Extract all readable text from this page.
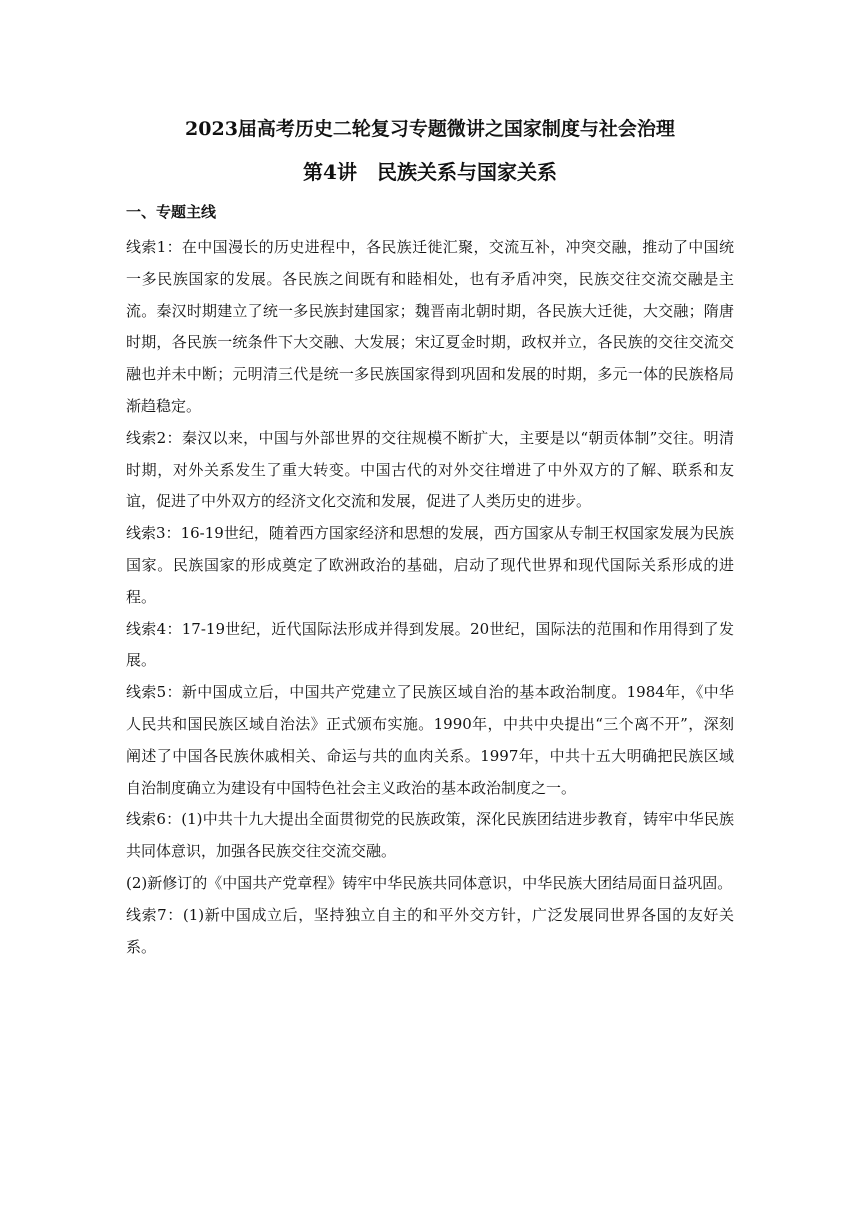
2023届高考历史二轮复习专题微讲之国家制度与社会治理
第4讲　民族关系与国家关系
一、专题主线

线索1：在中国漫长的历史进程中，各民族迁徙汇聚，交流互补，冲突交融，推动了中国统一多民族国家的发展。各民族之间既有和睦相处，也有矛盾冲突，民族交往交流交融是主流。秦汉时期建立了统一多民族封建国家；魏晋南北朝时期，各民族大迁徙，大交融；隋唐时期，各民族一统条件下大交融、大发展；宋辽夏金时期，政权并立，各民族的交往交流交融也并未中断；元明清三代是统一多民族国家得到巩固和发展的时期，多元一体的民族格局渐趋稳定。

线索2：秦汉以来，中国与外部世界的交往规模不断扩大，主要是以“朝贡体制”交往。明清时期，对外关系发生了重大转变。中国古代的对外交往增进了中外双方的了解、联系和友谊，促进了中外双方的经济文化交流和发展，促进了人类历史的进步。

线索3：16-19世纪，随着西方国家经济和思想的发展，西方国家从专制王权国家发展为民族国家。民族国家的形成奠定了欧洲政治的基础，启动了现代世界和现代国际关系形成的进程。

线索4：17-19世纪，近代国际法形成并得到发展。20世纪，国际法的范围和作用得到了发展。

线索5：新中国成立后，中国共产党建立了民族区域自治的基本政治制度。1984年，《中华人民共和国民族区域自治法》正式颁布实施。1990年，中共中央提出“三个离不开”，深刻阐述了中国各民族休戚相关、命运与共的血肉关系。1997年，中共十五大明确把民族区域自治制度确立为建设有中国特色社会主义政治的基本政治制度之一。

线索6：(1)中共十九大提出全面贯彻党的民族政策，深化民族团结进步教育，铸牢中华民族共同体意识，加强各民族交往交流交融。

(2)新修订的《中国共产党章程》铸牢中华民族共同体意识，中华民族大团结局面日益巩固。

线索7：(1)新中国成立后，坚持独立自主的和平外交方针，广泛发展同世界各国的友好关系。
